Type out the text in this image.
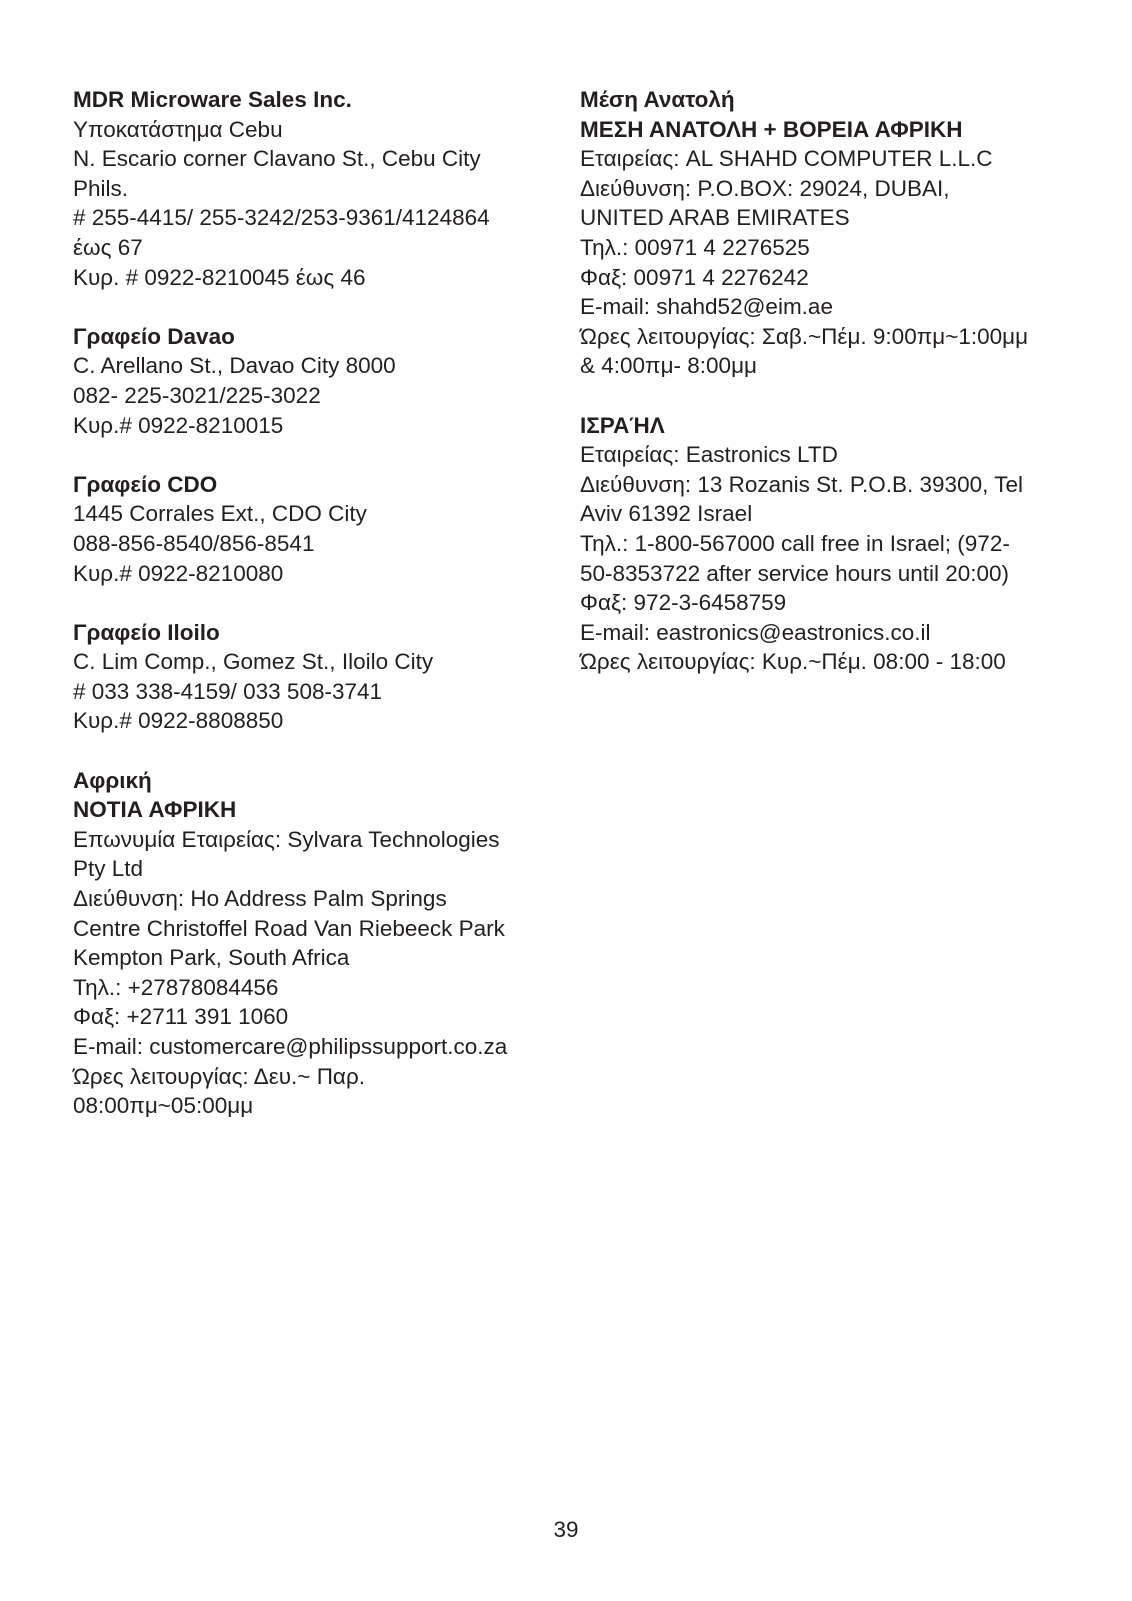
MDR Microware Sales Inc.
Υποκατάστημα Cebu
N. Escario corner Clavano St., Cebu City
Phils.
# 255-4415/ 255-3242/253-9361/4124864
έως 67
Κυρ. # 0922-8210045 έως 46
Γραφείο Davao
C. Arellano St., Davao City 8000
082- 225-3021/225-3022
Κυρ.# 0922-8210015
Γραφείο CDO
1445 Corrales Ext., CDO City
088-856-8540/856-8541
Κυρ.# 0922-8210080
Γραφείο Iloilo
C. Lim Comp., Gomez St., Iloilo City
# 033 338-4159/ 033 508-3741
Κυρ.# 0922-8808850
Αφρική
ΝΟΤΙΑ ΑΦΡΙΚΗ
Επωνυμία Εταιρείας: Sylvara Technologies
Pty Ltd
Διεύθυνση: Ho Address Palm Springs
Centre Christoffel Road Van Riebeeck Park
Kempton Park, South Africa
Τηλ.: +27878084456
Φαξ: +2711 391 1060
E-mail: customercare@philipssupport.co.za
Ώρες λειτουργίας: Δευ.~ Παρ.
08:00πμ~05:00μμ
Μέση Ανατολή
ΜΕΣΗ ΑΝΑΤΟΛΗ + ΒΟΡΕΙΑ ΑΦΡΙΚΗ
Εταιρείας: AL SHAHD COMPUTER L.L.C
Διεύθυνση: P.O.BOX: 29024, DUBAI,
UNITED ARAB EMIRATES
Τηλ.: 00971 4 2276525
Φαξ: 00971 4 2276242
E-mail: shahd52@eim.ae
Ώρες λειτουργίας: Σαβ.~Πέμ. 9:00πμ~1:00μμ
& 4:00πμ- 8:00μμ
ΙΣΡΑΉΛ
Εταιρείας: Eastronics LTD
Διεύθυνση: 13 Rozanis St. P.O.B. 39300, Tel
Aviv 61392 Israel
Τηλ.: 1-800-567000 call free in Israel; (972-
50-8353722 after service hours until 20:00)
Φαξ: 972-3-6458759
E-mail: eastronics@eastronics.co.il
Ώρες λειτουργίας: Κυρ.~Πέμ. 08:00 - 18:00
39
